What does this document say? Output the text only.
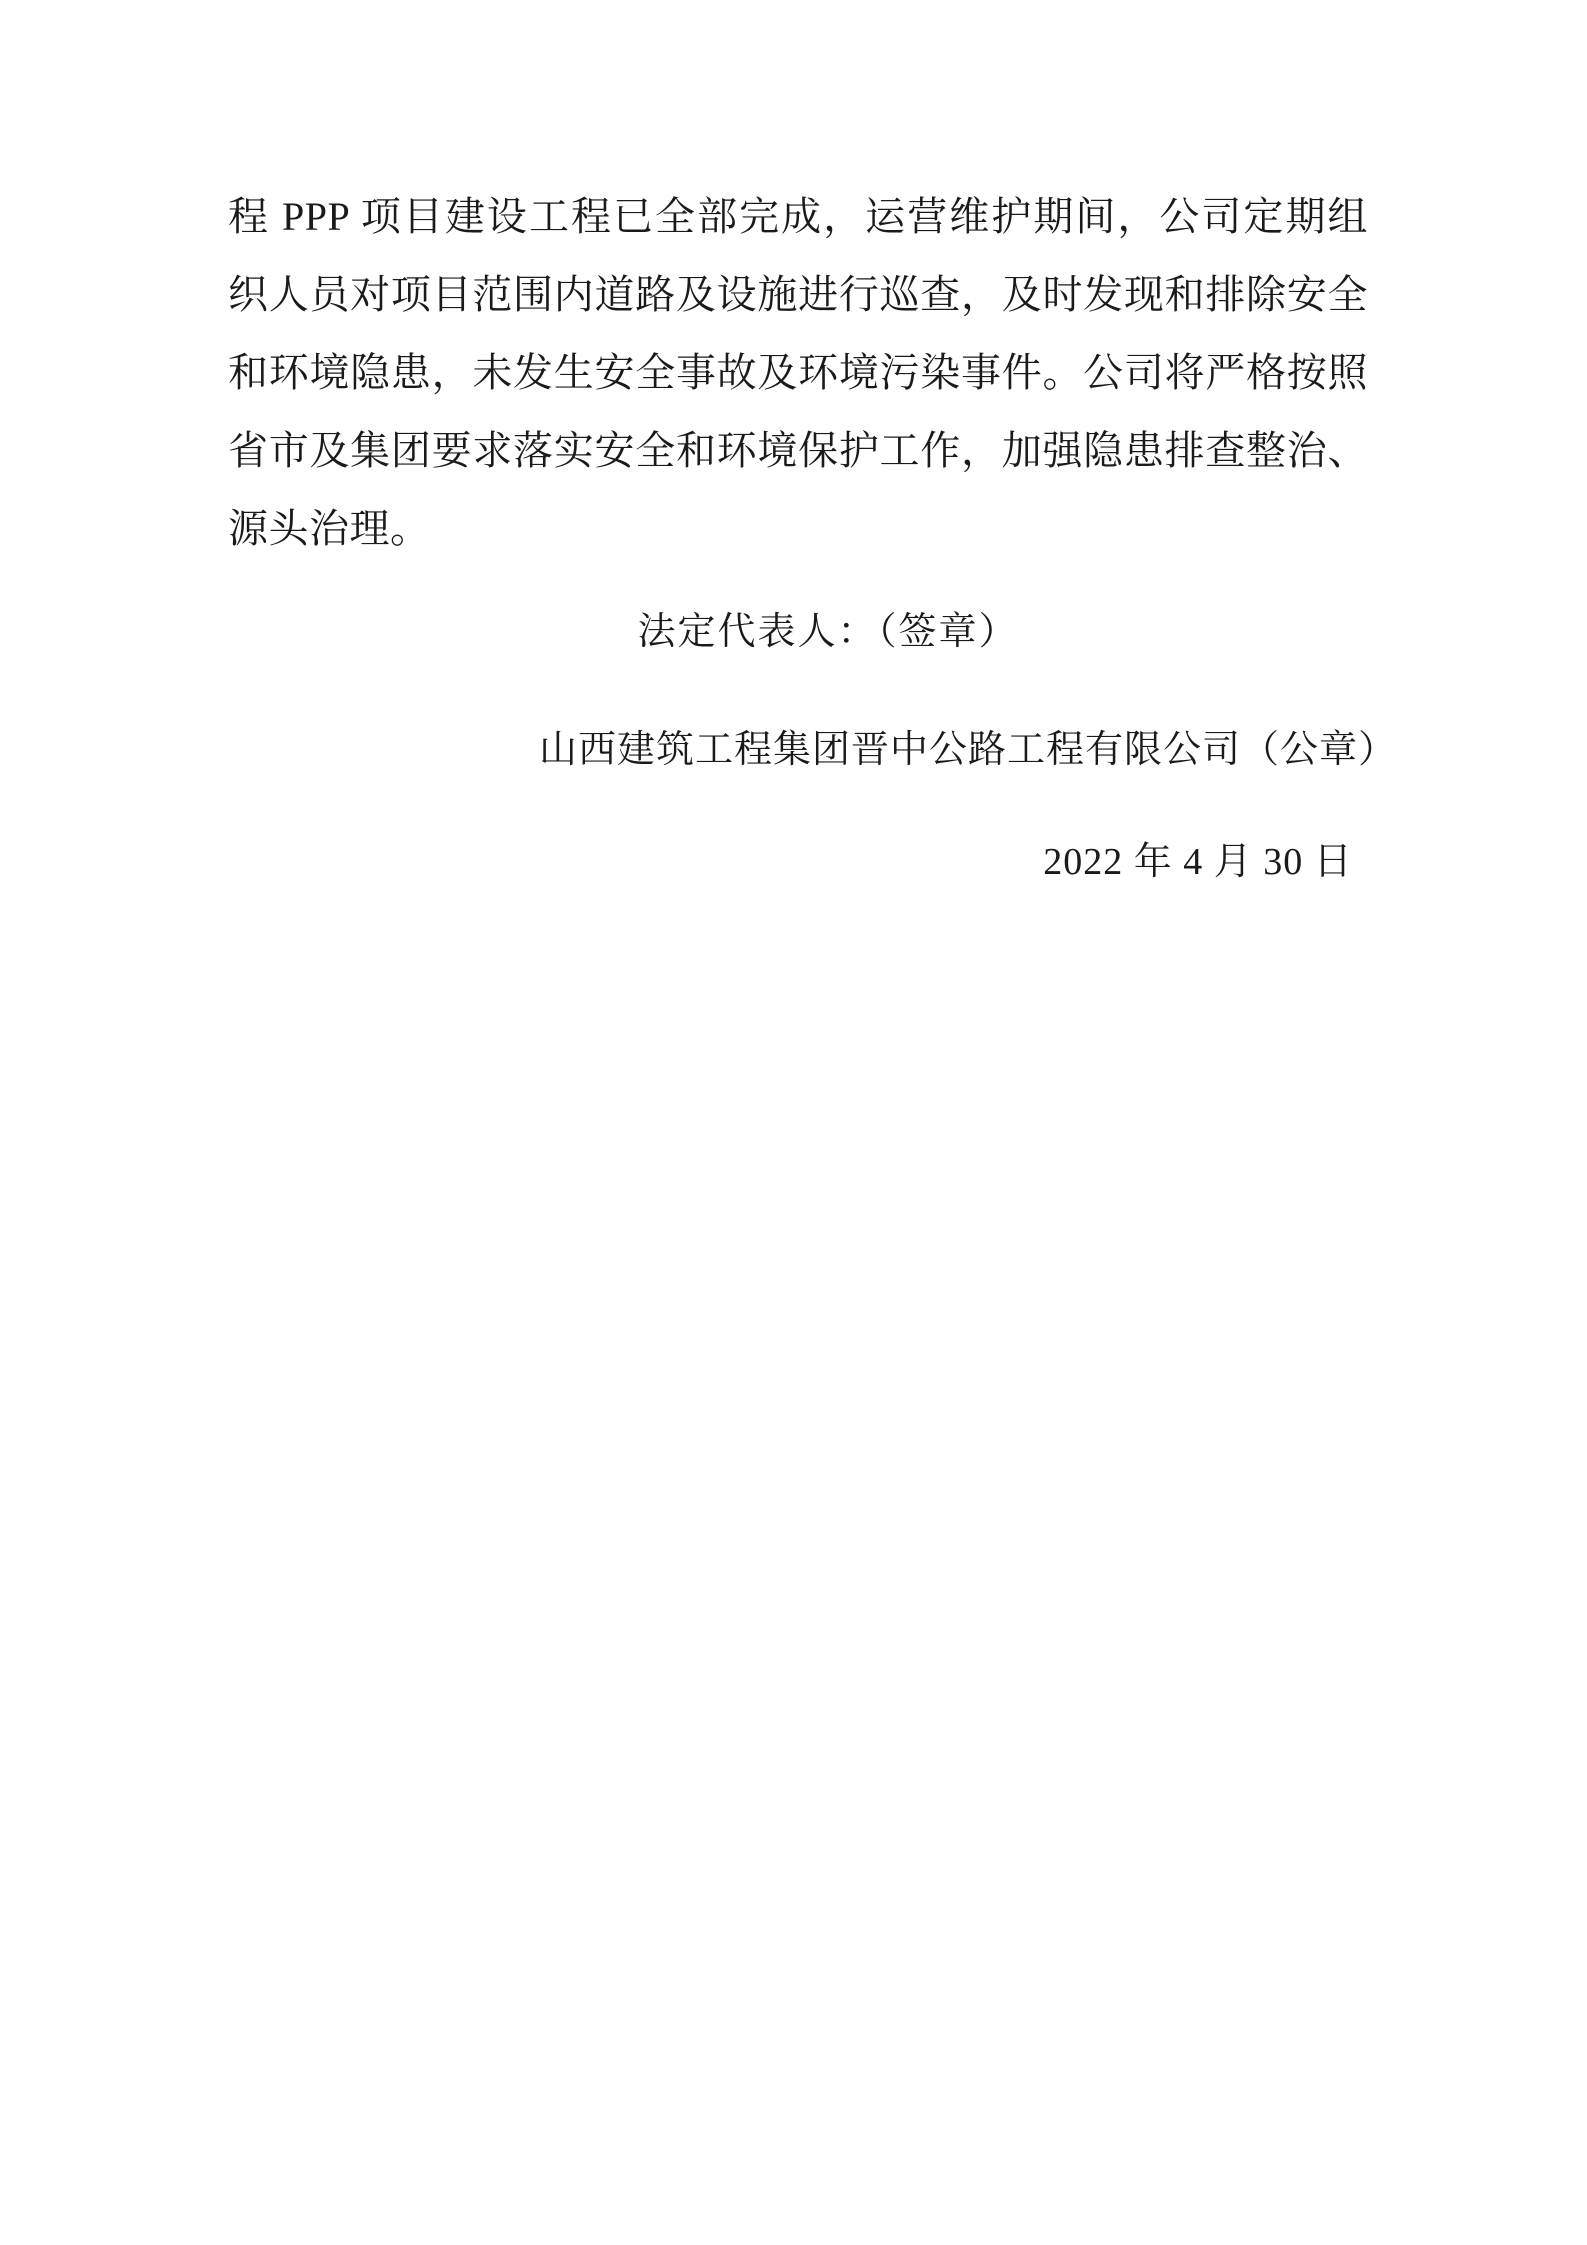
程 PPP 项目建设工程已全部完成，运营维护期间，公司定期组织人员对项目范围内道路及设施进行巡查，及时发现和排除安全和环境隐患，未发生安全事故及环境污染事件。公司将严格按照省市及集团要求落实安全和环境保护工作，加强隐患排查整治、源头治理。

法定代表人：（签章）
山西建筑工程集团晋中公路工程有限公司（公章）
2022 年 4 月 30 日
